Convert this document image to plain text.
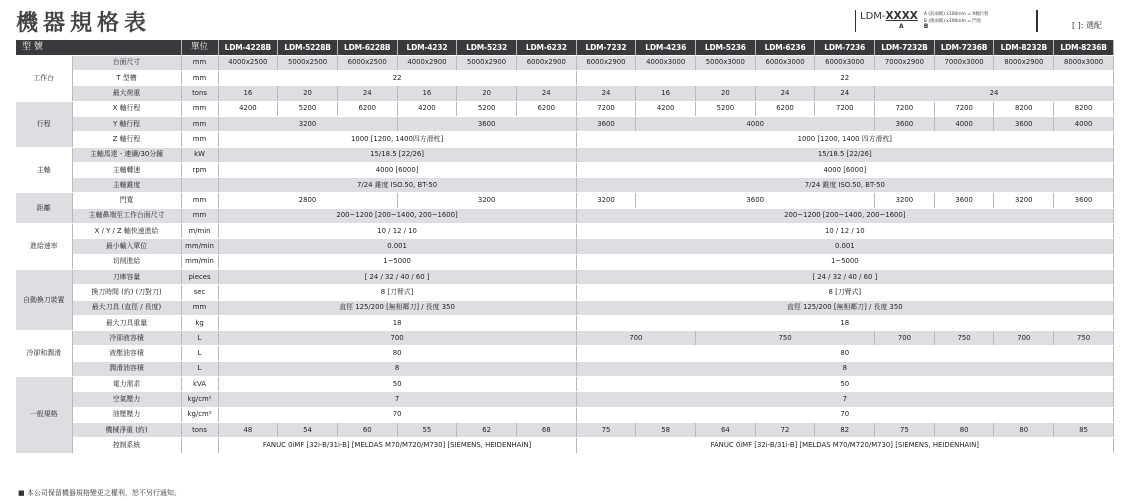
機器規格表	LDM-XXXX
A B
A (前兩碼) x100mm = X軸行程
B (後兩碼) x100mm = 門寬	[ ]: 選配
型 號		單位	LDM-4228B	LDM-5228B	LDM-6228B	LDM-4232	LDM-5232	LDM-6232	LDM-7232	LDM-4236	LDM-5236	LDM-6236	LDM-7236	LDM-7232B	LDM-7236B	LDM-8232B	LDM-8236B
工作台	台面尺寸	mm	4000x2500	5000x2500	6000x2500	4000x2900	5000x2900	6000x2900	6000x2900	4000x3000	5000x3000	6000x3000	6000x3000	7000x2900	7000x3000	8000x2900	8000x3000
	T 型槽	mm	22						22								
	最大荷重	tons	16	20	24	16	20	24	24	16	20	24	24	24			
行程	X 軸行程	mm	4200	5200	6200	4200	5200	6200	7200	4200	5200	6200	7200	7200	7200	8200	8200
	Y 軸行程	mm	3200			3600			3600	4000				3600	4000	3600	4000
	Z 軸行程	mm	1000 [1200, 1400四方滑枕]						1000 [1200, 1400 四方滑枕]								
主軸	主軸馬達 - 連續/30分鐘	kW	15/18.5 [22/26]						15/18.5 [22/26]								
	主軸轉速	rpm	4000 [6000]						4000 [6000]								
	主軸錐度		7/24 錐度 ISO.50, BT-50						7/24 錐度 ISO.50, BT-50								
距離	門寬	mm	2800			3200			3200	3600				3200	3600	3200	3600
	主軸鼻端至工作台面尺寸	mm	200~1200 [200~1400, 200~1600]						200~1200 [200~1400, 200~1600]								
進給速率	X / Y / Z 軸快速進給	m/min	10 / 12 / 10						10 / 12 / 10								
	最小輸入單位	mm/min	0.001						0.001								
	切削進給	mm/min	1~5000						1~5000								
自動換刀裝置	刀庫容量	pieces	[ 24 / 32 / 40 / 60 ]						[ 24 / 32 / 40 / 60 ]								
	換刀時間 (約) (刀對刀)	sec	8 [刀臂式]						8 [刀臂式]								
	最大刀具 (直徑 / 長度)	mm	直徑 125/200 [無相鄰刀] / 長度 350						直徑 125/200 [無相鄰刀] / 長度 350								
	最大刀具重量	kg	18						18								
冷卻和潤滑	冷卻液容積	L	700						700		750			700	750	700	750
	液壓油容積	L	80						80								
	潤滑油容積	L	8						8								
一般規格	電力需求	kVA	50						50								
	空氣壓力	kg/cm²	7						7								
	油壓壓力	kg/cm²	70						70								
	機械淨重 (約)	tons	48	54	60	55	62	68	75	58	64	72	82	75	80	80	85
	控制系統		FANUC 0iMF [32i-B/31i-B] [MELDAS M70/M720/M730] [SIEMENS, HEIDENHAIN]						FANUC 0iMF [32i-B/31i-B] [MELDAS M70/M720/M730] [SIEMENS, HEIDENHAIN]								
■ 本公司保留機器規格變更之權利，恕不另行通知。
